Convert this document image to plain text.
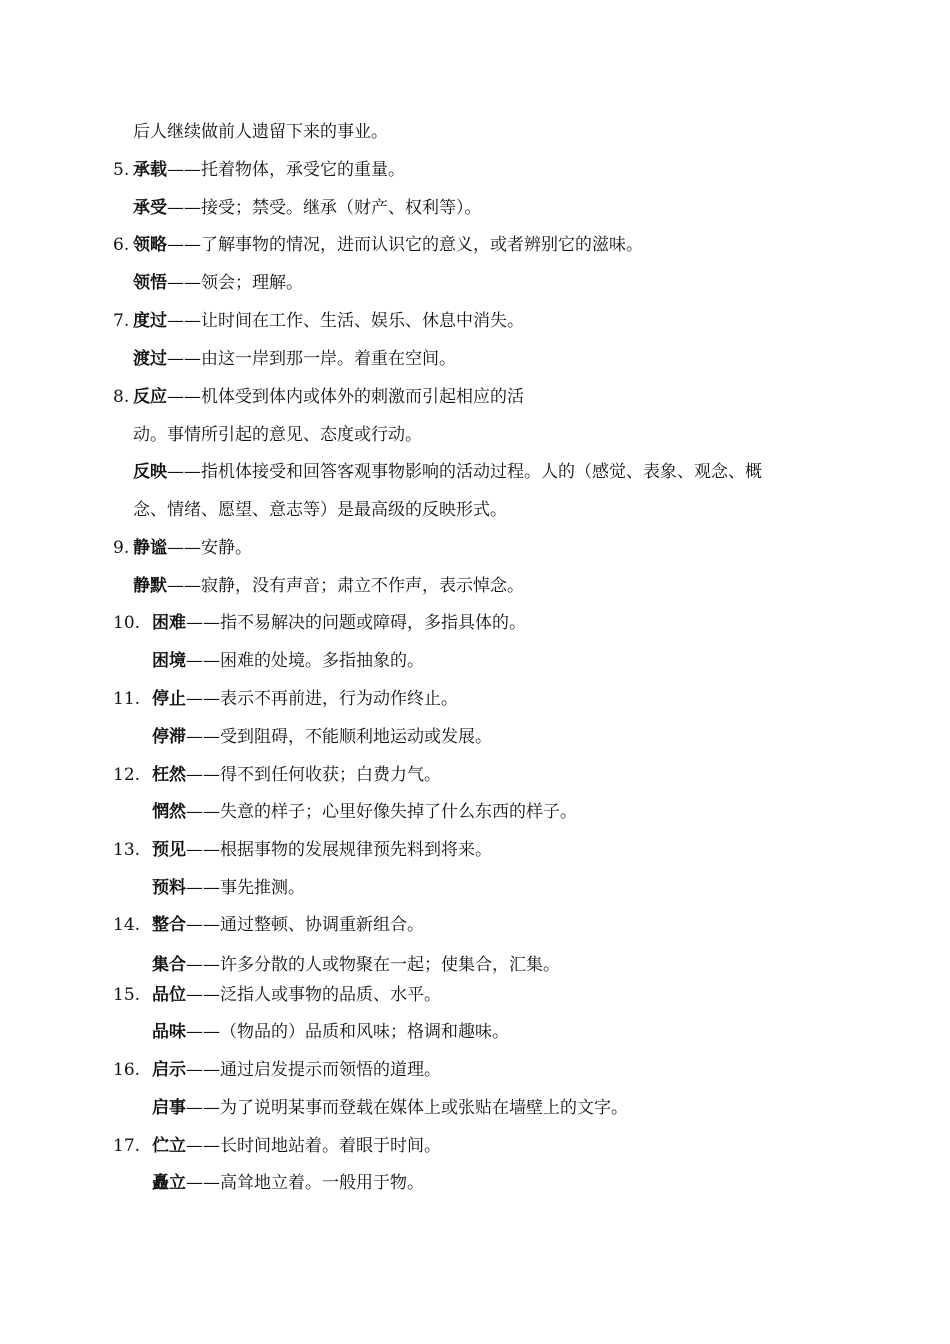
后人继续做前人遗留下来的事业。
5. 承载——托着物体，承受它的重量。
承受——接受；禁受。继承（财产、权利等）。
6. 领略——了解事物的情况，进而认识它的意义，或者辨别它的滋味。
领悟——领会；理解。
7. 度过——让时间在工作、生活、娱乐、休息中消失。
渡过——由这一岸到那一岸。着重在空间。
8. 反应——机体受到体内或体外的刺激而引起相应的活
动。事情所引起的意见、态度或行动。
反映——指机体接受和回答客观事物影响的活动过程。人的（感觉、表象、观念、概
念、情绪、愿望、意志等）是最高级的反映形式。
9. 静谧——安静。
静默——寂静，没有声音；肃立不作声，表示悼念。
10. 困难——指不易解决的问题或障碍，多指具体的。
困境——困难的处境。多指抽象的。
11. 停止——表示不再前进，行为动作终止。
停滞——受到阻碍，不能顺利地运动或发展。
12. 枉然——得不到任何收获；白费力气。
惘然——失意的样子；心里好像失掉了什么东西的样子。
13. 预见——根据事物的发展规律预先料到将来。
预料——事先推测。
14. 整合——通过整顿、协调重新组合。
集合——许多分散的人或物聚在一起；使集合，汇集。
15. 品位——泛指人或事物的品质、水平。
品味——（物品的）品质和风味；格调和趣味。
16. 启示——通过启发提示而领悟的道理。
启事——为了说明某事而登载在媒体上或张贴在墙壁上的文字。
17. 伫立——长时间地站着。着眼于时间。
矗立——高耸地立着。一般用于物。
